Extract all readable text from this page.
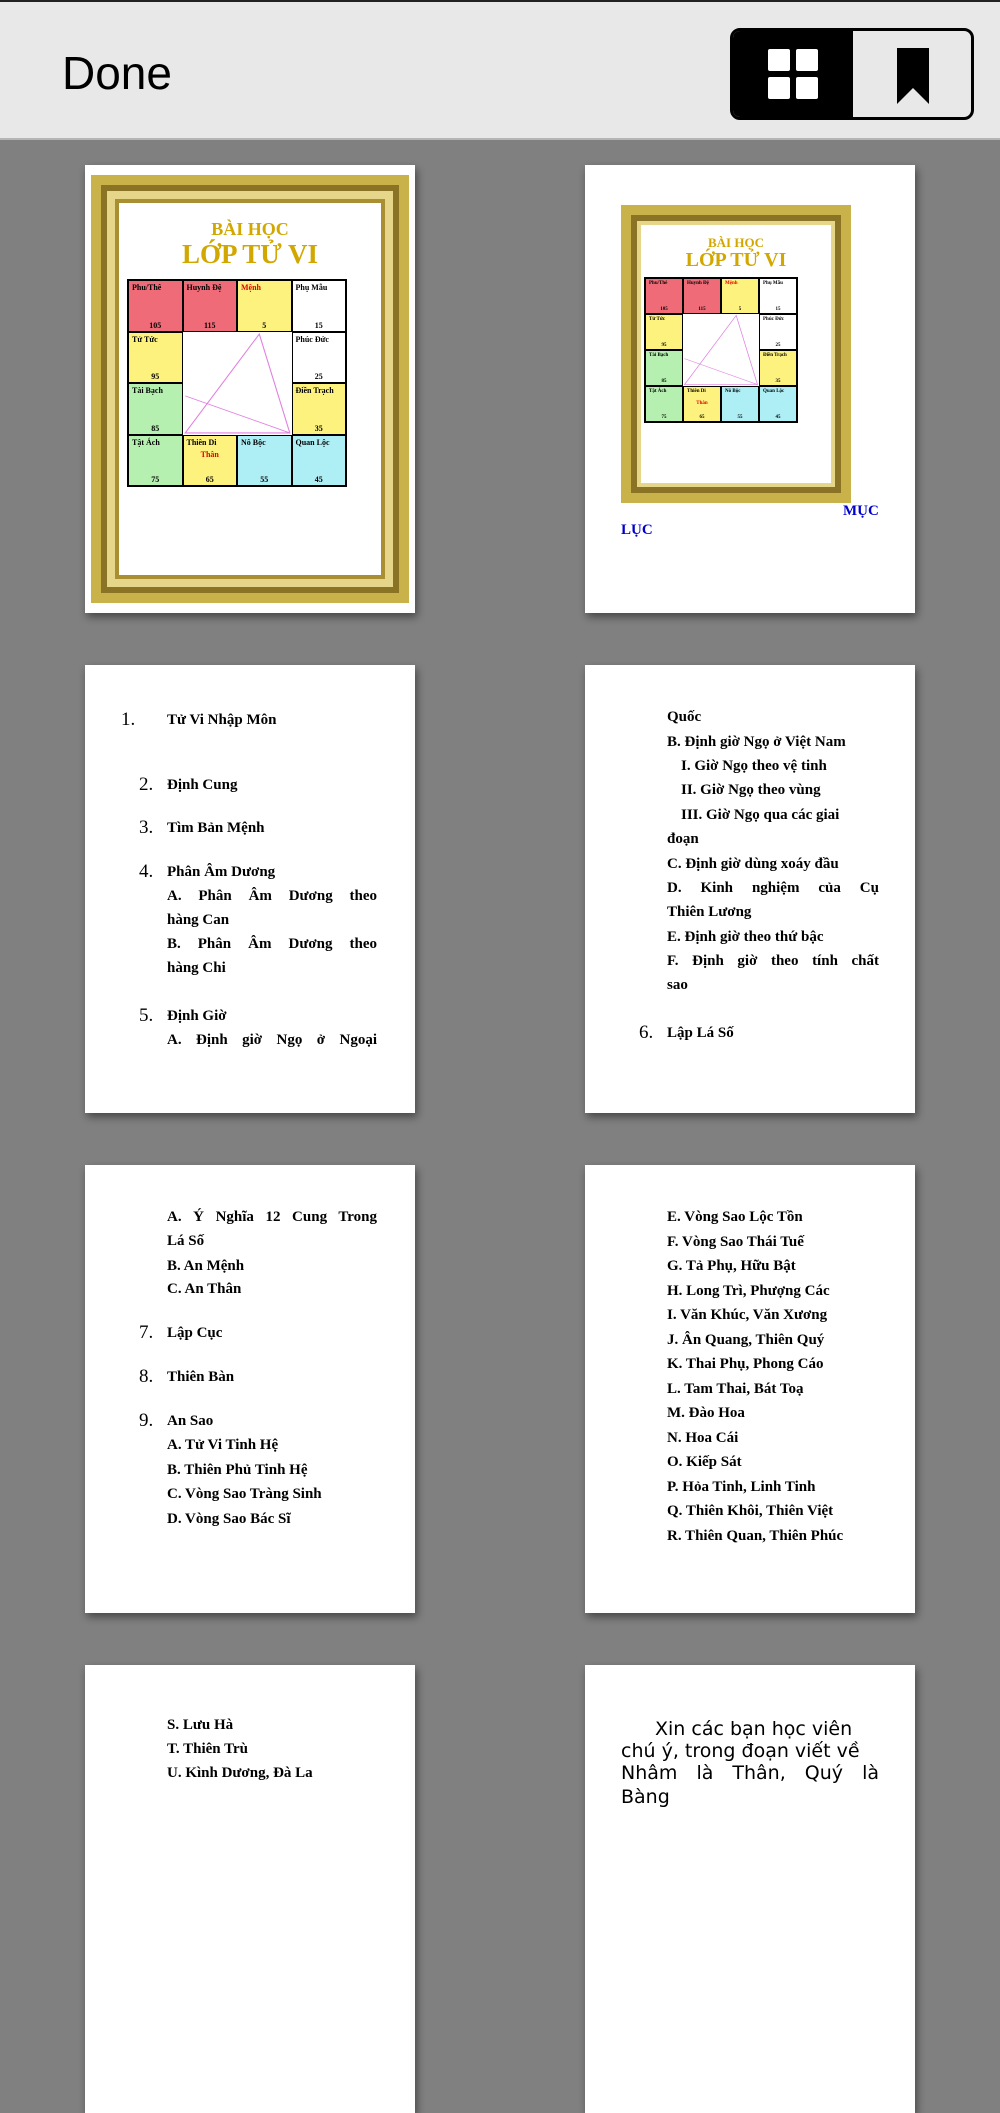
Done
BÀI HỌC
LỚP TỬ VI
Phu/Thê
105
Huynh Đệ
115
Mệnh
5
Phụ Mẫu
15
Tử Tức
95
Tài Bạch
85
Phúc Đức
25
Điền Trạch
35
Tật Ách
75
Thiên Di
Thân
65
Nô Bộc
55
Quan Lộc
45
BÀI HỌC
LỚP TỬ VI
Phu/Thê
105
Huynh Đệ
115
Mệnh
5
Phụ Mẫu
15
Tử Tức
95
Tài Bạch
85
Phúc Đức
25
Điền Trạch
35
Tật Ách
75
Thiên Di
Thân
65
Nô Bộc
55
Quan Lộc
45
MỤC
LỤC
1. Tử Vi Nhập Môn
2. Định Cung
3. Tìm Bản Mệnh
4. Phân Âm Dương
A. Phân Âm Dương theo
hàng Can
B. Phân Âm Dương theo
hàng Chi
5. Định Giờ
A. Định giờ Ngọ ở Ngoại
Quốc
B. Định giờ Ngọ ở Việt Nam
I. Giờ Ngọ theo vệ tinh
II. Giờ Ngọ theo vùng
III. Giờ Ngọ qua các giai
đoạn
C. Định giờ dùng xoáy đầu
D. Kinh nghiệm của Cụ
Thiên Lương
E. Định giờ theo thứ bậc
F. Định giờ theo tính chất
sao
6. Lập Lá Số
A. Ý Nghĩa 12 Cung Trong
Lá Số
B. An Mệnh
C. An Thân
7. Lập Cục
8. Thiên Bàn
9. An Sao
A. Tử Vi Tinh Hệ
B. Thiên Phủ Tinh Hệ
C. Vòng Sao Tràng Sinh
D. Vòng Sao Bác Sĩ
E. Vòng Sao Lộc Tồn
F. Vòng Sao Thái Tuế
G. Tả Phụ, Hữu Bật
H. Long Trì, Phượng Các
I. Văn Khúc, Văn Xương
J. Ân Quang, Thiên Quý
K. Thai Phụ, Phong Cáo
L. Tam Thai, Bát Toạ
M. Đào Hoa
N. Hoa Cái
O. Kiếp Sát
P. Hỏa Tinh, Linh Tinh
Q. Thiên Khôi, Thiên Việt
R. Thiên Quan, Thiên Phúc
S. Lưu Hà
T. Thiên Trù
U. Kình Dương, Đà La
Xin các bạn học viên
chú ý, trong đoạn viết về
Nhâm là Thân, Quý là Bàng
